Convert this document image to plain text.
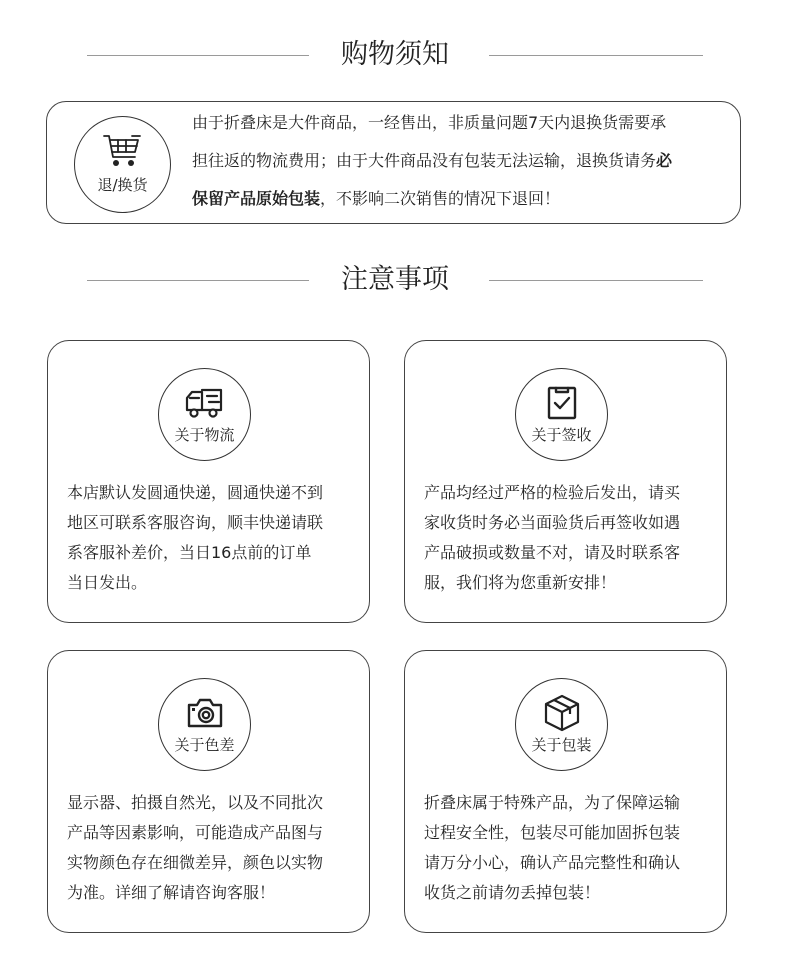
购物须知
退/换货
由于折叠床是大件商品，一经售出，非质量问题7天内退换货需要承
担往返的物流费用；由于大件商品没有包装无法运输，退换货请务必
保留产品原始包装，不影响二次销售的情况下退回！
注意事项
关于物流
本店默认发圆通快递，圆通快递不到
地区可联系客服咨询，顺丰快递请联
系客服补差价，当日16点前的订单
当日发出。
关于签收
产品均经过严格的检验后发出，请买
家收货时务必当面验货后再签收如遇
产品破损或数量不对，请及时联系客
服，我们将为您重新安排！
关于色差
显示器、拍摄自然光，以及不同批次
产品等因素影响，可能造成产品图与
实物颜色存在细微差异，颜色以实物
为准。详细了解请咨询客服！
关于包装
折叠床属于特殊产品，为了保障运输
过程安全性，包装尽可能加固拆包装
请万分小心，确认产品完整性和确认
收货之前请勿丢掉包装！
